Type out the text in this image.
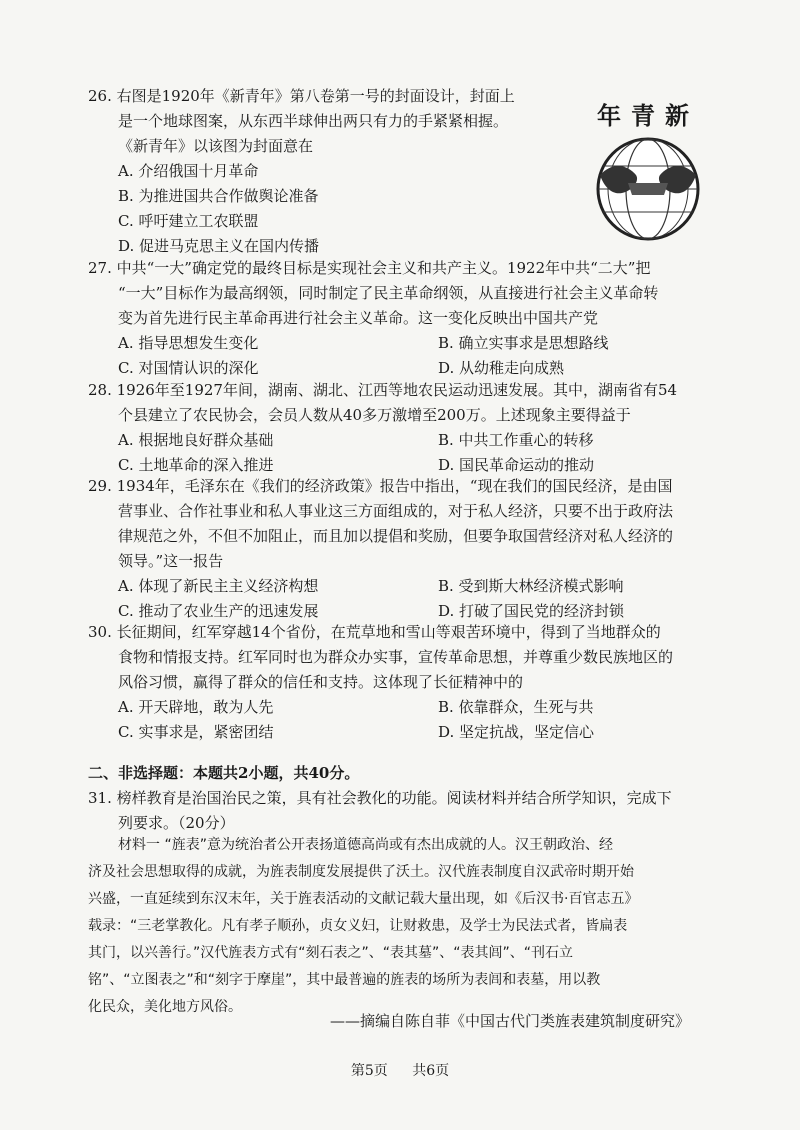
26. 右图是1920年《新青年》第八卷第一号的封面设计，封面上
是一个地球图案，从东西半球伸出两只有力的手紧紧相握。
《新青年》以该图为封面意在
A. 介绍俄国十月革命
B. 为推进国共合作做舆论准备
C. 呼吁建立工农联盟
D. 促进马克思主义在国内传播
年青新
27. 中共“一大”确定党的最终目标是实现社会主义和共产主义。1922年中共“二大”把
“一大”目标作为最高纲领，同时制定了民主革命纲领，从直接进行社会主义革命转
变为首先进行民主革命再进行社会主义革命。这一变化反映出中国共产党
A. 指导思想发生变化	B. 确立实事求是思想路线
C. 对国情认识的深化	D. 从幼稚走向成熟
28. 1926年至1927年间，湖南、湖北、江西等地农民运动迅速发展。其中，湖南省有54
个县建立了农民协会，会员人数从40多万激增至200万。上述现象主要得益于
A. 根据地良好群众基础	B. 中共工作重心的转移
C. 土地革命的深入推进	D. 国民革命运动的推动
29. 1934年，毛泽东在《我们的经济政策》报告中指出，“现在我们的国民经济，是由国
营事业、合作社事业和私人事业这三方面组成的，对于私人经济，只要不出于政府法
律规范之外，不但不加阻止，而且加以提倡和奖励，但要争取国营经济对私人经济的
领导。”这一报告
A. 体现了新民主主义经济构想	B. 受到斯大林经济模式影响
C. 推动了农业生产的迅速发展	D. 打破了国民党的经济封锁
30. 长征期间，红军穿越14个省份，在荒草地和雪山等艰苦环境中，得到了当地群众的
食物和情报支持。红军同时也为群众办实事，宣传革命思想，并尊重少数民族地区的
风俗习惯，赢得了群众的信任和支持。这体现了长征精神中的
A. 开天辟地，敢为人先	B. 依靠群众，生死与共
C. 实事求是，紧密团结	D. 坚定抗战，坚定信心
二、非选择题：本题共2小题，共40分。
31. 榜样教育是治国治民之策，具有社会教化的功能。阅读材料并结合所学知识，完成下
列要求。（20分）
材料一 “旌表”意为统治者公开表扬道德高尚或有杰出成就的人。汉王朝政治、经
济及社会思想取得的成就，为旌表制度发展提供了沃土。汉代旌表制度自汉武帝时期开始
兴盛，一直延续到东汉末年，关于旌表活动的文献记载大量出现，如《后汉书·百官志五》
载录：“三老掌教化。凡有孝子顺孙，贞女义妇，让财救患，及学士为民法式者，皆扁表
其门，以兴善行。”汉代旌表方式有“刻石表之”、“表其墓”、“表其闾”、“刊石立
铭”、“立图表之”和“刻字于摩崖”，其中最普遍的旌表的场所为表闾和表墓，用以教
化民众，美化地方风俗。
——摘编自陈自菲《中国古代门类旌表建筑制度研究》
第5页 共6页
